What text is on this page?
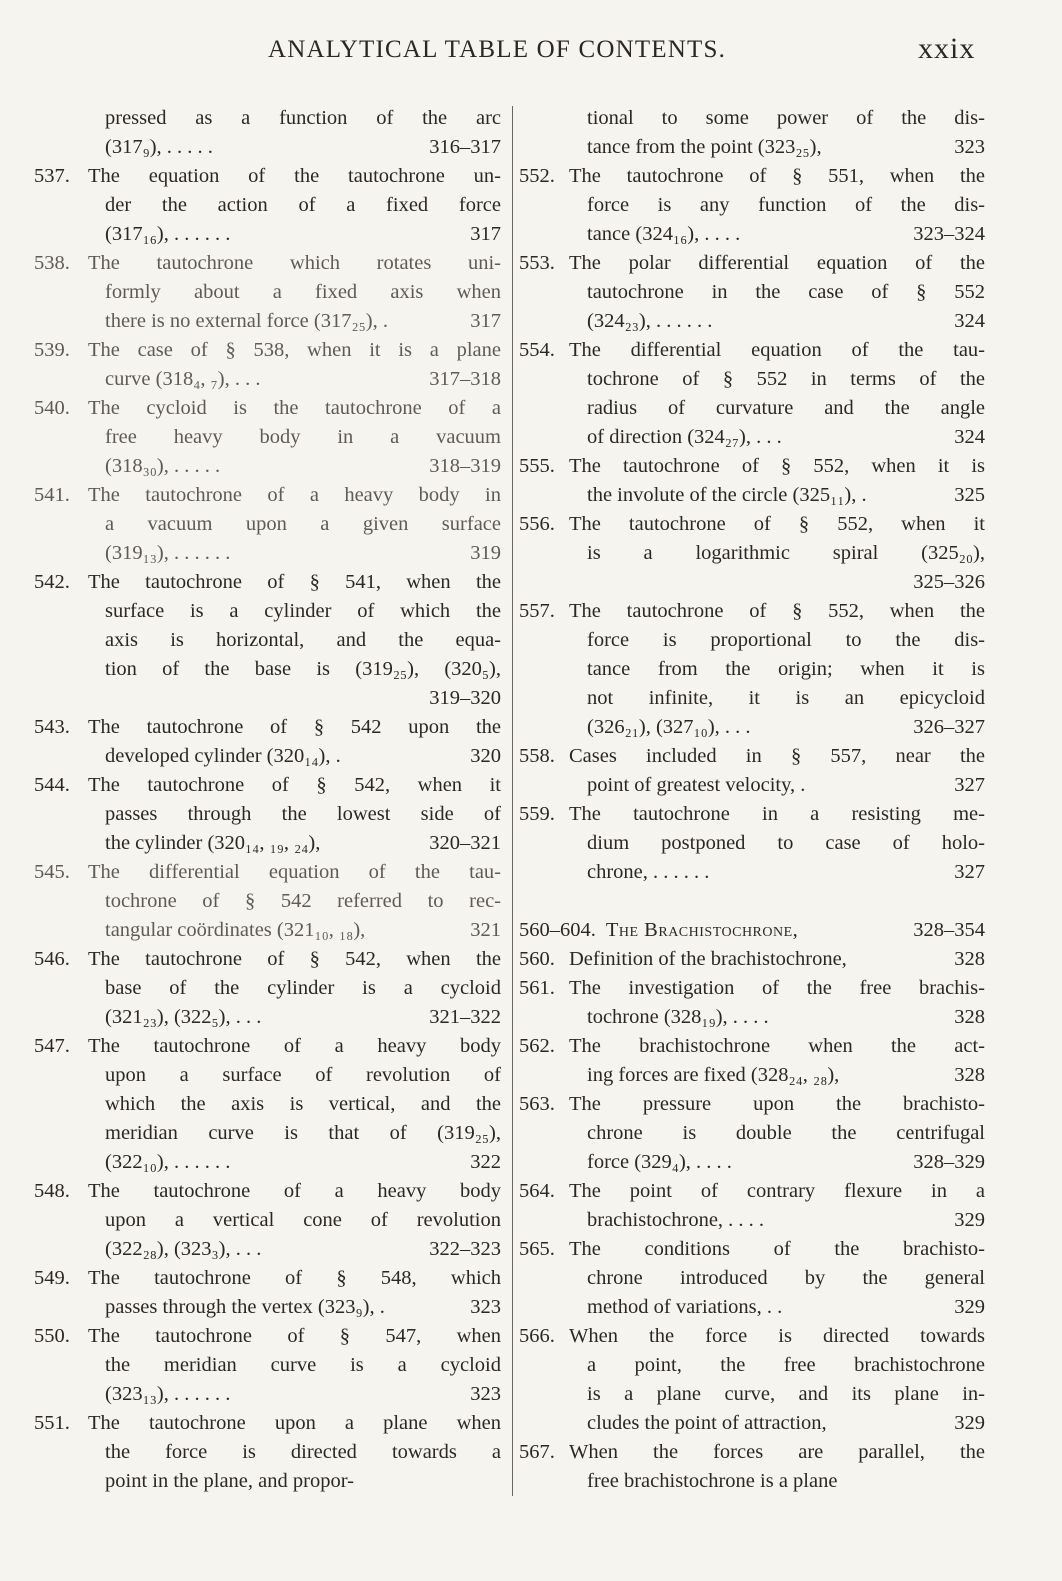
ANALYTICAL TABLE OF CONTENTS.	xxix
pressed as a function of the arc
(317₉), . . . . .	316–317
537. The equation of the tautochrone un-
der the action of a fixed force
(317₁₆), . . . . . .	317
538. The tautochrone which rotates uni-
formly about a fixed axis when
there is no external force (317₂₅), .	317
539. The case of § 538, when it is a plane
curve (318₄, ₇), . . .	317–318
540. The cycloid is the tautochrone of a
free heavy body in a vacuum
(318₃₀), . . . . .	318–319
541. The tautochrone of a heavy body in
a vacuum upon a given surface
(319₁₃), . . . . . .	319
542. The tautochrone of § 541, when the
surface is a cylinder of which the
axis is horizontal, and the equa-
tion of the base is (319₂₅), (320₅),
319–320
543. The tautochrone of § 542 upon the
developed cylinder (320₁₄), .	320
544. The tautochrone of § 542, when it
passes through the lowest side of
the cylinder (320₁₄, ₁₉, ₂₄),	320–321
545. The differential equation of the tau-
tochrone of § 542 referred to rec-
tangular coördinates (321₁₀, ₁₈),	321
546. The tautochrone of § 542, when the
base of the cylinder is a cycloid
(321₂₃), (322₅), . . .	321–322
547. The tautochrone of a heavy body
upon a surface of revolution of
which the axis is vertical, and the
meridian curve is that of (319₂₅),
(322₁₀), . . . . . .	322
548. The tautochrone of a heavy body
upon a vertical cone of revolution
(322₂₈), (323₃), . . .	322–323
549. The tautochrone of § 548, which
passes through the vertex (323₉), .	323
550. The tautochrone of § 547, when
the meridian curve is a cycloid
(323₁₃), . . . . . .	323
551. The tautochrone upon a plane when
the force is directed towards a
point in the plane, and propor-
tional to some power of the dis-
tance from the point (323₂₅),	323
552. The tautochrone of § 551, when the
force is any function of the dis-
tance (324₁₆), . . . .	323–324
553. The polar differential equation of the
tautochrone in the case of § 552
(324₂₃), . . . . . .	324
554. The differential equation of the tau-
tochrone of § 552 in terms of the
radius of curvature and the angle
of direction (324₂₇), . . .	324
555. The tautochrone of § 552, when it is
the involute of the circle (325₁₁), .	325
556. The tautochrone of § 552, when it
is a logarithmic spiral (325₂₀),
325–326
557. The tautochrone of § 552, when the
force is proportional to the dis-
tance from the origin; when it is
not infinite, it is an epicycloid
(326₂₁), (327₁₀), . . .	326–327
558. Cases included in § 557, near the
point of greatest velocity, .	327
559. The tautochrone in a resisting me-
dium postponed to case of holo-
chrone, . . . . . .	327
560–604. The Brachistochrone,	328–354
560. Definition of the brachistochrone,	328
561. The investigation of the free brachis-
tochrone (328₁₉), . . . .	328
562. The brachistochrone when the act-
ing forces are fixed (328₂₄, ₂₈),	328
563. The pressure upon the brachisto-
chrone is double the centrifugal
force (329₄), . . . .	328–329
564. The point of contrary flexure in a
brachistochrone, . . . .	329
565. The conditions of the brachisto-
chrone introduced by the general
method of variations, . .	329
566. When the force is directed towards
a point, the free brachistochrone
is a plane curve, and its plane in-
cludes the point of attraction,	329
567. When the forces are parallel, the
free brachistochrone is a plane
